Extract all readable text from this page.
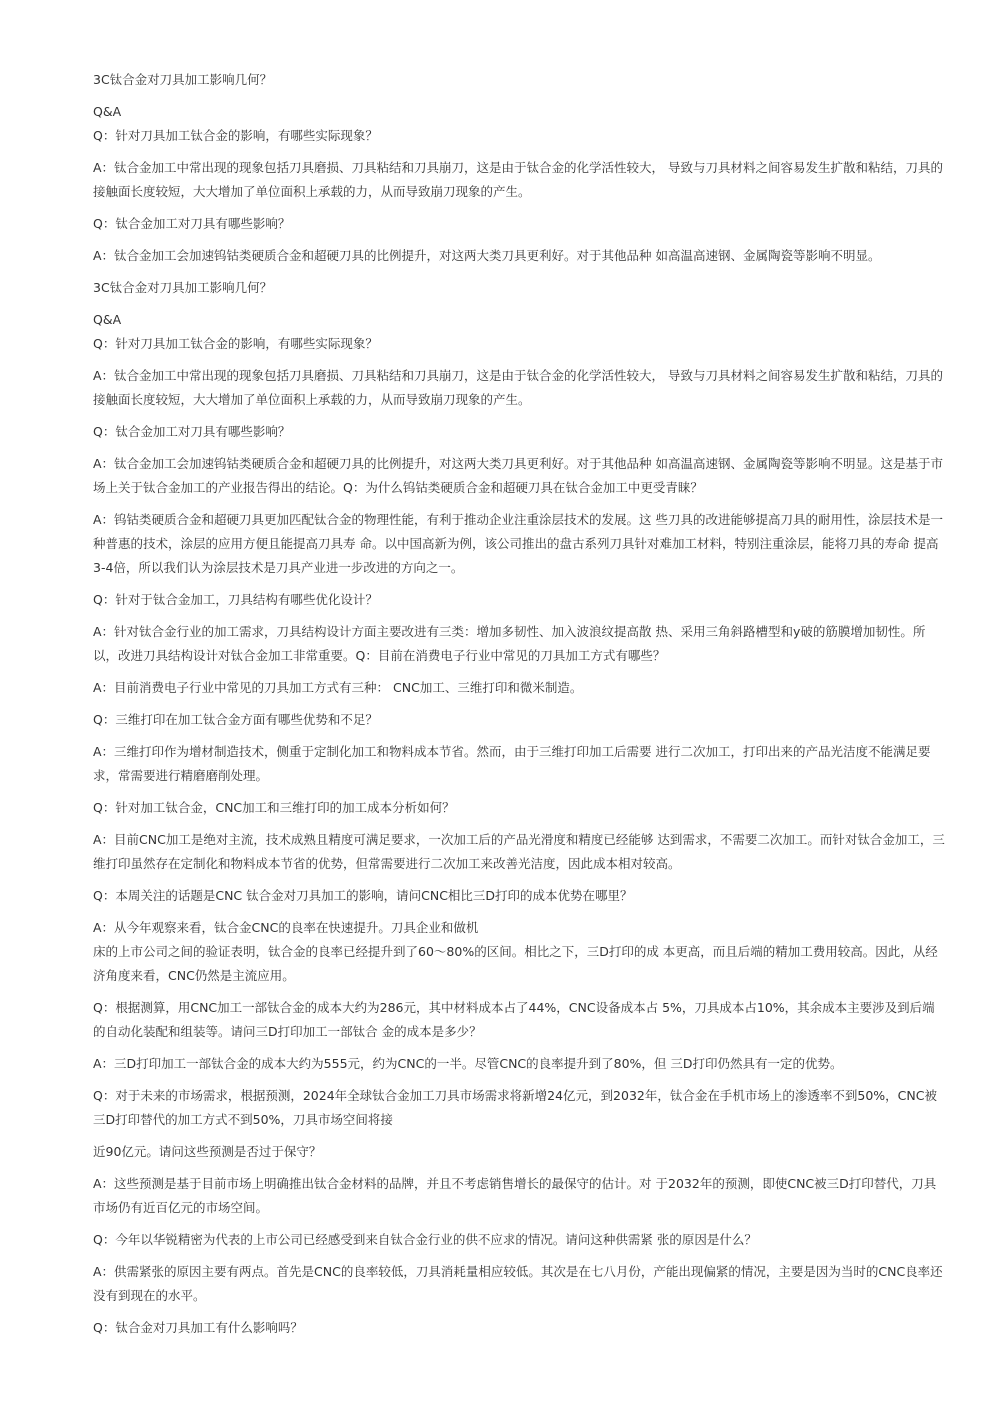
3C钛合金对刀具加工影响几何？

Q&A

Q：针对刀具加工钛合金的影响，有哪些实际现象？

A：钛合金加工中常出现的现象包括刀具磨损、刀具粘结和刀具崩刀，这是由于钛合金的化学活性较大， 导致与刀具材料之间容易发生扩散和粘结，刀具的接触面长度较短，大大增加了单位面积上承载的力，从而导致崩刀现象的产生。

Q：钛合金加工对刀具有哪些影响？

A：钛合金加工会加速钨钴类硬质合金和超硬刀具的比例提升，对这两大类刀具更利好。对于其他品种 如高温高速钢、金属陶瓷等影响不明显。

3C钛合金对刀具加工影响几何？

Q&A

Q：针对刀具加工钛合金的影响，有哪些实际现象？

A：钛合金加工中常出现的现象包括刀具磨损、刀具粘结和刀具崩刀，这是由于钛合金的化学活性较大， 导致与刀具材料之间容易发生扩散和粘结，刀具的接触面长度较短，大大增加了单位面积上承载的力，从而导致崩刀现象的产生。

Q：钛合金加工对刀具有哪些影响？

A：钛合金加工会加速钨钴类硬质合金和超硬刀具的比例提升，对这两大类刀具更利好。对于其他品种 如高温高速钢、金属陶瓷等影响不明显。这是基于市场上关于钛合金加工的产业报告得出的结论。Q：为什么钨钴类硬质合金和超硬刀具在钛合金加工中更受青睐？

A：钨钴类硬质合金和超硬刀具更加匹配钛合金的物理性能，有利于推动企业注重涂层技术的发展。这 些刀具的改进能够提高刀具的耐用性，涂层技术是一种普惠的技术，涂层的应用方便且能提高刀具寿 命。以中国高新为例，该公司推出的盘古系列刀具针对难加工材料，特别注重涂层，能将刀具的寿命 提高3-4倍，所以我们认为涂层技术是刀具产业进一步改进的方向之一。

Q：针对于钛合金加工，刀具结构有哪些优化设计？

A：针对钛合金行业的加工需求，刀具结构设计方面主要改进有三类：增加多韧性、加入波浪纹提高散 热、采用三角斜路槽型和y破的筋膜增加韧性。所以，改进刀具结构设计对钛合金加工非常重要。Q：目前在消费电子行业中常见的刀具加工方式有哪些？

A：目前消费电子行业中常见的刀具加工方式有三种： CNC加工、三维打印和微米制造。

Q：三维打印在加工钛合金方面有哪些优势和不足？

A：三维打印作为增材制造技术，侧重于定制化加工和物料成本节省。然而，由于三维打印加工后需要 进行二次加工，打印出来的产品光洁度不能满足要求，常需要进行精磨磨削处理。

Q：针对加工钛合金，CNC加工和三维打印的加工成本分析如何？

A：目前CNC加工是绝对主流，技术成熟且精度可满足要求，一次加工后的产品光滑度和精度已经能够 达到需求，不需要二次加工。而针对钛合金加工，三维打印虽然存在定制化和物料成本节省的优势，但常需要进行二次加工来改善光洁度，因此成本相对较高。

Q：本周关注的话题是CNC 钛合金对刀具加工的影响，请问CNC相比三D打印的成本优势在哪里？

A：从今年观察来看，钛合金CNC的良率在快速提升。刀具企业和做机

床的上市公司之间的验证表明，钛合金的良率已经提升到了60～80%的区间。相比之下，三D打印的成 本更高，而且后端的精加工费用较高。因此，从经济角度来看，CNC仍然是主流应用。

Q：根据测算，用CNC加工一部钛合金的成本大约为286元，其中材料成本占了44%，CNC设备成本占 5%，刀具成本占10%，其余成本主要涉及到后端的自动化装配和组装等。请问三D打印加工一部钛合 金的成本是多少？

A：三D打印加工一部钛合金的成本大约为555元，约为CNC的一半。尽管CNC的良率提升到了80%，但 三D打印仍然具有一定的优势。

Q：对于未来的市场需求，根据预测，2024年全球钛合金加工刀具市场需求将新增24亿元，到2032年，钛合金在手机市场上的渗透率不到50%，CNC被三D打印替代的加工方式不到50%，刀具市场空间将接

近90亿元。请问这些预测是否过于保守？

A：这些预测是基于目前市场上明确推出钛合金材料的品牌，并且不考虑销售增长的最保守的估计。对 于2032年的预测，即使CNC被三D打印替代，刀具市场仍有近百亿元的市场空间。

Q：今年以华锐精密为代表的上市公司已经感受到来自钛合金行业的供不应求的情况。请问这种供需紧 张的原因是什么？

A：供需紧张的原因主要有两点。首先是CNC的良率较低，刀具消耗量相应较低。其次是在七八月份，产能出现偏紧的情况，主要是因为当时的CNC良率还没有到现在的水平。

Q：钛合金对刀具加工有什么影响吗？
